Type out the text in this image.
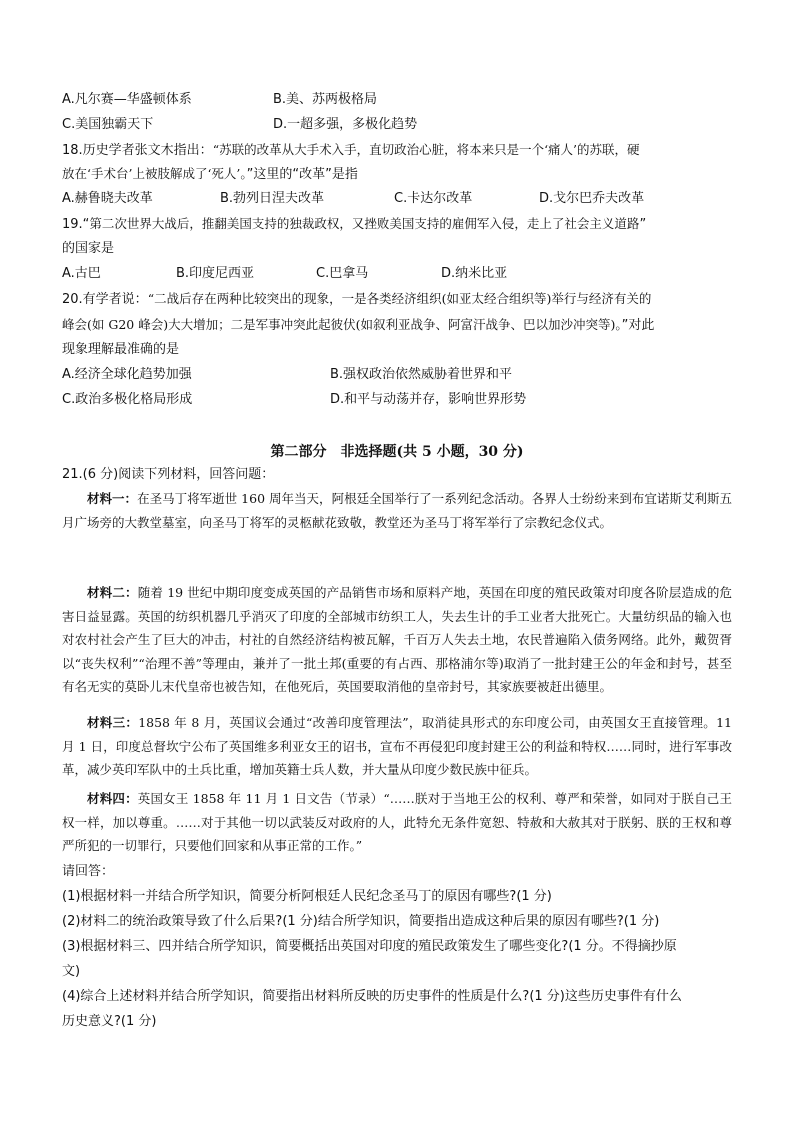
A.凡尔赛—华盛顿体系	B.美、苏两极格局
C.美国独霸天下	D.一超多强，多极化趋势
18.历史学者张文木指出：“苏联的改革从大手术入手，直切政治心脏，将本来只是一个‘痛人’的苏联，硬
放在‘手术台’上被肢解成了‘死人’。”这里的“改革”是指
A.赫鲁晓夫改革	B.勃列日涅夫改革	C.卡达尔改革	D.戈尔巴乔夫改革
19.“第二次世界大战后，推翻美国支持的独裁政权，又挫败美国支持的雇佣军入侵，走上了社会主义道路”
的国家是
A.古巴	B.印度尼西亚	C.巴拿马	D.纳米比亚
20.有学者说：“二战后存在两种比较突出的现象，一是各类经济组织(如亚太经合组织等)举行与经济有关的
峰会(如 G20 峰会)大大增加；二是军事冲突此起彼伏(如叙利亚战争、阿富汗战争、巴以加沙冲突等)。”对此
现象理解最准确的是
A.经济全球化趋势加强	B.强权政治依然威胁着世界和平
C.政治多极化格局形成	D.和平与动荡并存，影响世界形势
第二部分　非选择题(共 5 小题，30 分)
21.(6 分)阅读下列材料，回答问题：
材料一：在圣马丁将军逝世 160 周年当天，阿根廷全国举行了一系列纪念活动。各界人士纷纷来到布宜诺斯艾利斯五月广场旁的大教堂墓室，向圣马丁将军的灵柩献花致敬，教堂还为圣马丁将军举行了宗教纪念仪式。
材料二：随着 19 世纪中期印度变成英国的产品销售市场和原料产地，英国在印度的殖民政策对印度各阶层造成的危害日益显露。英国的纺织机器几乎消灭了印度的全部城市纺织工人，失去生计的手工业者大批死亡。大量纺织品的输入也对农村社会产生了巨大的冲击，村社的自然经济结构被瓦解，千百万人失去土地，农民普遍陷入债务网络。此外，戴贺胥以“丧失权利”“治理不善”等理由，兼并了一批土邦(重要的有占西、那格浦尔等)取消了一批封建王公的年金和封号，甚至有名无实的莫卧儿末代皇帝也被告知，在他死后，英国要取消他的皇帝封号，其家族要被赶出德里。
材料三：1858 年 8 月，英国议会通过“改善印度管理法”，取消徒具形式的东印度公司，由英国女王直接管理。11 月 1 日，印度总督坎宁公布了英国维多利亚女王的诏书，宣布不再侵犯印度封建王公的利益和特权……同时，进行军事改革，减少英印军队中的土兵比重，增加英籍士兵人数，并大量从印度少数民族中征兵。
材料四：英国女王 1858 年 11 月 1 日文告（节录）“……朕对于当地王公的权利、尊严和荣誉，如同对于朕自己王权一样，加以尊重。……对于其他一切以武装反对政府的人，此特允无条件宽恕、特赦和大赦其对于朕躬、朕的王权和尊严所犯的一切罪行，只要他们回家和从事正常的工作。”
请回答：
(1)根据材料一并结合所学知识，简要分析阿根廷人民纪念圣马丁的原因有哪些?(1 分)
(2)材料二的统治政策导致了什么后果?(1 分)结合所学知识，简要指出造成这种后果的原因有哪些?(1 分)
(3)根据材料三、四并结合所学知识，简要概括出英国对印度的殖民政策发生了哪些变化?(1 分。不得摘抄原
文)
(4)综合上述材料并结合所学知识，简要指出材料所反映的历史事件的性质是什么?(1 分)这些历史事件有什么
历史意义?(1 分)
